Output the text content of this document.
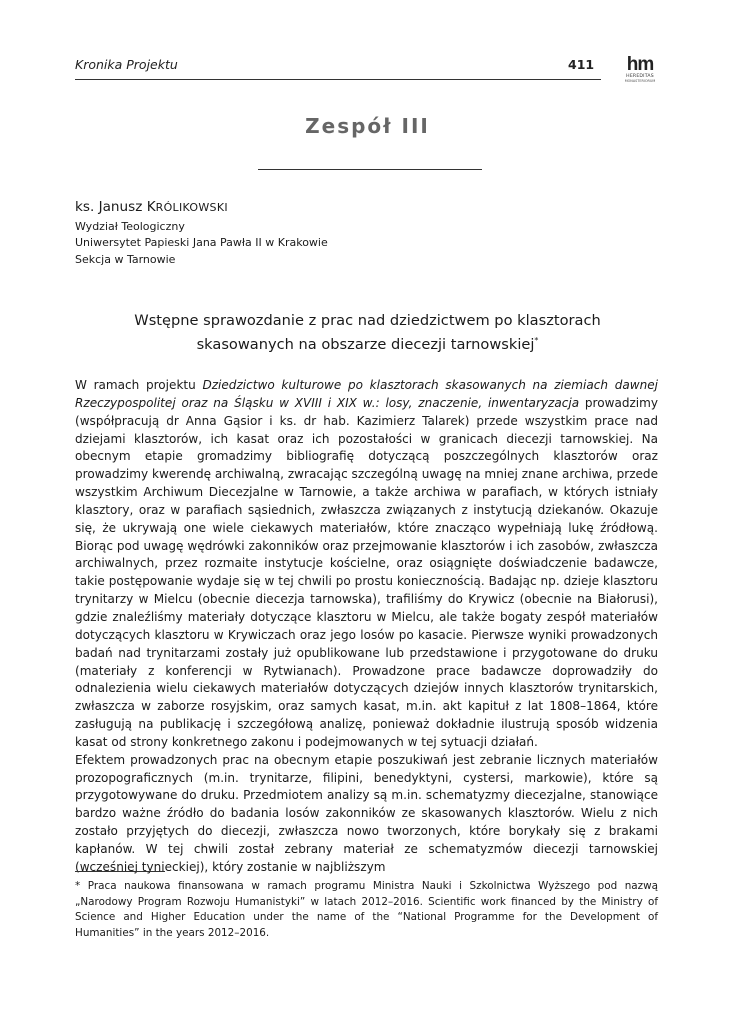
Kronika Projektu	411	hm
HEREDITAS
MONASTERIORUM
Zespół III
ks. Janusz KRÓLIKOWSKI
Wydział Teologiczny
Uniwersytet Papieski Jana Pawła II w Krakowie
Sekcja w Tarnowie
Wstępne sprawozdanie z prac nad dziedzictwem po klasztorach
skasowanych na obszarze diecezji tarnowskiej*

W ramach projektu Dziedzictwo kulturowe po klasztorach skasowanych na ziemiach dawnej Rzeczypospolitej oraz na Śląsku w XVIII i XIX w.: losy, znaczenie, inwentaryzacja prowadzimy (współpracują dr Anna Gąsior i ks. dr hab. Kazimierz Talarek) przede wszystkim prace nad dziejami klasztorów, ich kasat oraz ich pozostałości w granicach diecezji tarnowskiej. Na obecnym etapie gromadzimy bibliografię dotyczącą poszczególnych klasztorów oraz prowadzimy kwerendę archiwalną, zwracając szczególną uwagę na mniej znane archiwa, przede wszystkim Archiwum Diecezjalne w Tarnowie, a także archiwa w parafiach, w których istniały klasztory, oraz w parafiach sąsiednich, zwłaszcza związanych z instytucją dziekanów. Okazuje się, że ukrywają one wiele ciekawych materiałów, które znacząco wypełniają lukę źródłową. Biorąc pod uwagę wędrówki zakonników oraz przejmowanie klasztorów i ich zasobów, zwłaszcza archiwalnych, przez rozmaite instytucje kościelne, oraz osiągnięte doświadczenie badawcze, takie postępowanie wydaje się w tej chwili po prostu koniecznością. Badając np. dzieje klasztoru trynitarzy w Mielcu (obecnie diecezja tarnowska), trafiliśmy do Krywicz (obecnie na Białorusi), gdzie znaleźliśmy materiały dotyczące klasztoru w Mielcu, ale także bogaty zespół materiałów dotyczących klasztoru w Krywiczach oraz jego losów po kasacie. Pierwsze wyniki prowadzonych badań nad trynitarzami zostały już opublikowane lub przedstawione i przygotowane do druku (materiały z konferencji w Rytwianach). Prowadzone prace badawcze doprowadziły do odnalezienia wielu ciekawych materiałów dotyczących dziejów innych klasztorów trynitarskich, zwłaszcza w zaborze rosyjskim, oraz samych kasat, m.in. akt kapituł z lat 1808–1864, które zasługują na publikację i szczegółową analizę, ponieważ dokładnie ilustrują sposób widzenia kasat od strony konkretnego zakonu i podejmowanych w tej sytuacji działań.

Efektem prowadzonych prac na obecnym etapie poszukiwań jest zebranie licznych materiałów prozopograficznych (m.in. trynitarze, filipini, benedyktyni, cystersi, markowie), które są przygotowywane do druku. Przedmiotem analizy są m.in. schematyzmy diecezjalne, stanowiące bardzo ważne źródło do badania losów zakonników ze skasowanych klasztorów. Wielu z nich zostało przyjętych do diecezji, zwłaszcza nowo tworzonych, które borykały się z brakami kapłanów. W tej chwili został zebrany materiał ze schematyzmów diecezji tarnowskiej (wcześniej tynieckiej), który zostanie w najbliższym

* Praca naukowa finansowana w ramach programu Ministra Nauki i Szkolnictwa Wyższego pod nazwą „Narodowy Program Rozwoju Humanistyki” w latach 2012–2016. Scientific work financed by the Ministry of Science and Higher Education under the name of the “National Programme for the Development of Humanities” in the years 2012–2016.
